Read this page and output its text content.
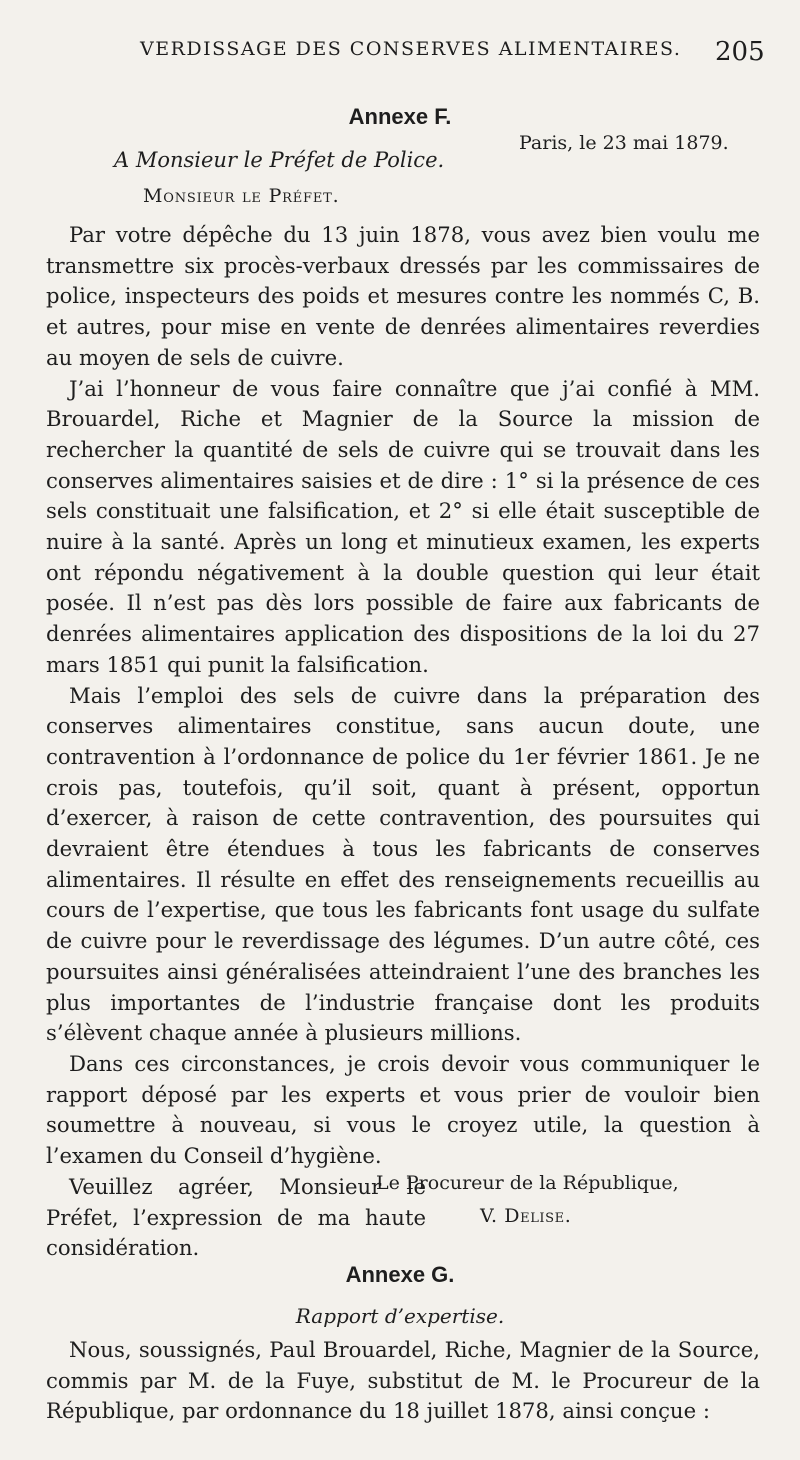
VERDISSAGE DES CONSERVES ALIMENTAIRES. 205
Annexe F.
Paris, le 23 mai 1879.
A Monsieur le Préfet de Police.
Monsieur le Préfet.

Par votre dépêche du 13 juin 1878, vous avez bien voulu me transmettre six procès-verbaux dressés par les commissaires de police, inspecteurs des poids et mesures contre les nommés C, B. et autres, pour mise en vente de denrées alimentaires reverdies au moyen de sels de cuivre.

J’ai l’honneur de vous faire connaître que j’ai confié à MM. Brouardel, Riche et Magnier de la Source la mission de rechercher la quantité de sels de cuivre qui se trouvait dans les conserves alimentaires saisies et de dire : 1° si la présence de ces sels constituait une falsification, et 2° si elle était susceptible de nuire à la santé. Après un long et minutieux examen, les experts ont répondu négativement à la double question qui leur était posée. Il n’est pas dès lors possible de faire aux fabricants de denrées alimentaires application des dispositions de la loi du 27 mars 1851 qui punit la falsification.

Mais l’emploi des sels de cuivre dans la préparation des conserves alimentaires constitue, sans aucun doute, une contravention à l’ordonnance de police du 1er février 1861. Je ne crois pas, toutefois, qu’il soit, quant à présent, opportun d’exercer, à raison de cette contravention, des poursuites qui devraient être étendues à tous les fabricants de conserves alimentaires. Il résulte en effet des renseignements recueillis au cours de l’expertise, que tous les fabricants font usage du sulfate de cuivre pour le reverdissage des légumes. D’un autre côté, ces poursuites ainsi généralisées atteindraient l’une des branches les plus importantes de l’industrie française dont les produits s’élèvent chaque année à plusieurs millions.

Dans ces circonstances, je crois devoir vous communiquer le rapport déposé par les experts et vous prier de vouloir bien soumettre à nouveau, si vous le croyez utile, la question à l’examen du Conseil d’hygiène.

Veuillez agréer, Monsieur le Préfet, l’expression de ma haute considération.

Le Procureur de la République,
V. Delise.
Annexe G.
Rapport d’expertise.

Nous, soussignés, Paul Brouardel, Riche, Magnier de la Source, commis par M. de la Fuye, substitut de M. le Procureur de la République, par ordonnance du 18 juillet 1878, ainsi conçue :
